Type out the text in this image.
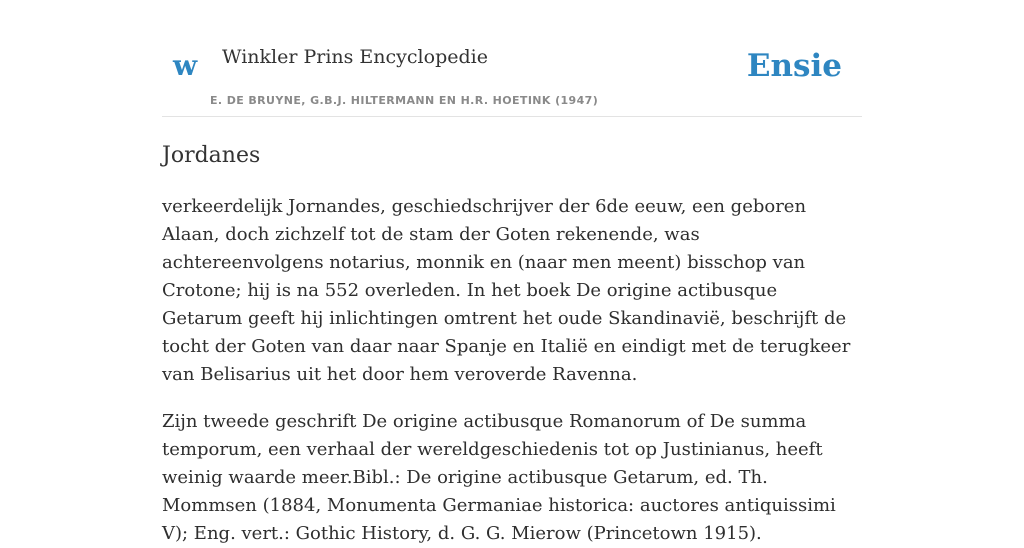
w Winkler Prins Encyclopedie
E. DE BRUYNE, G.B.J. HILTERMANN EN H.R. HOETINK (1947)
Ensie
Jordanes

verkeerdelijk Jornandes, geschiedschrijver der 6de eeuw, een geboren Alaan, doch zichzelf tot de stam der Goten rekenende, was achtereenvolgens notarius, monnik en (naar men meent) bisschop van Crotone; hij is na 552 overleden. In het boek De origine actibusque Getarum geeft hij inlichtingen omtrent het oude Skandinavië, beschrijft de tocht der Goten van daar naar Spanje en Italië en eindigt met de terugkeer van Belisarius uit het door hem veroverde Ravenna.

Zijn tweede geschrift De origine actibusque Romanorum of De summa temporum, een verhaal der wereldgeschiedenis tot op Justinianus, heeft weinig waarde meer.Bibl.: De origine actibusque Getarum, ed. Th. Mommsen (1884, Monumenta Germaniae historica: auctores antiquissimi V); Eng. vert.: Gothic History, d. G. G. Mierow (Princetown 1915).
